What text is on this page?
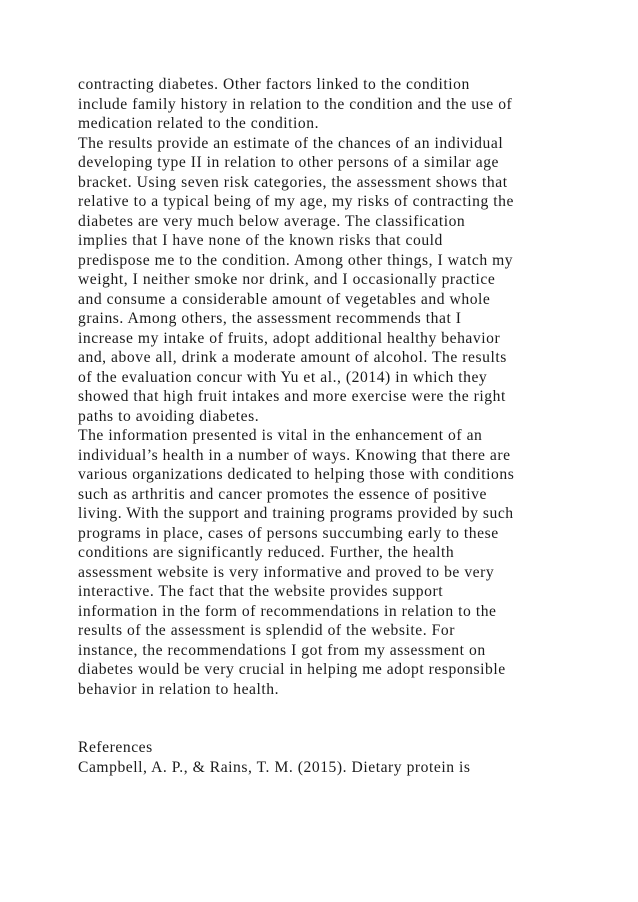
contracting diabetes. Other factors linked to the condition
include family history in relation to the condition and the use of
medication related to the condition.
The results provide an estimate of the chances of an individual
developing type II in relation to other persons of a similar age
bracket. Using seven risk categories, the assessment shows that
relative to a typical being of my age, my risks of contracting the
diabetes are very much below average. The classification
implies that I have none of the known risks that could
predispose me to the condition. Among other things, I watch my
weight, I neither smoke nor drink, and I occasionally practice
and consume a considerable amount of vegetables and whole
grains. Among others, the assessment recommends that I
increase my intake of fruits, adopt additional healthy behavior
and, above all, drink a moderate amount of alcohol. The results
of the evaluation concur with Yu et al., (2014) in which they
showed that high fruit intakes and more exercise were the right
paths to avoiding diabetes.
The information presented is vital in the enhancement of an
individual’s health in a number of ways. Knowing that there are
various organizations dedicated to helping those with conditions
such as arthritis and cancer promotes the essence of positive
living. With the support and training programs provided by such
programs in place, cases of persons succumbing early to these
conditions are significantly reduced. Further, the health
assessment website is very informative and proved to be very
interactive. The fact that the website provides support
information in the form of recommendations in relation to the
results of the assessment is splendid of the website. For
instance, the recommendations I got from my assessment on
diabetes would be very crucial in helping me adopt responsible
behavior in relation to health.
References
Campbell, A. P., & Rains, T. M. (2015). Dietary protein is
